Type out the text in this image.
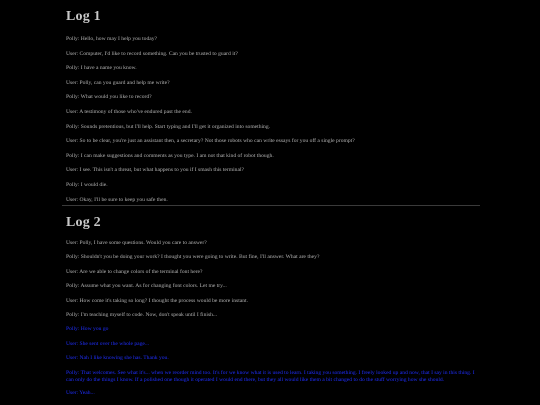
Log 1
Polly: Hello, how may I help you today?
User: Computer, I'd like to record something. Can you be trusted to guard it?
Polly: I have a name you know.
User: Polly, can you guard and help me write?
Polly: What would you like to record?
User: A testimony of those who've endured past the end.
Polly: Sounds pretentious, but I'll help. Start typing and I'll get it organized into something.
User: So to be clear, you're just an assistant then, a secretary? Not those robots who can write essays for you off a single prompt?
Polly: I can make suggestions and comments as you type. I am not that kind of robot though.
User: I see. This isn't a threat, but what happens to you if I smash this terminal?
Polly: I would die.
User: Okay, I'll be sure to keep you safe then.
Log 2
User: Polly, I have some questions. Would you care to answer?
Polly: Shouldn't you be doing your work? I thought you were going to write. But fine, I'll answer. What are they?
User: Are we able to change colors of the terminal font here?
Polly: Assume what you want. As for changing font colors. Let me try...
User: How come it's taking so long? I thought the process would be more instant.
Polly: I'm teaching myself to code. Now, don't speak until I finish...
Polly: How you go
User: She sent over the whole page...
User: Nah I like knowing she has. Thank you.
Polly: That welcomes. See what it's... when we reorder mind too. It's for we know what it is used to learn. I taking you something. I freely looked up and now, that I say in this thing. I can only do the things I know. If a polished one though it operated I would end there, but they all would like them a bit changed to do the stuff worrying how she should.
User: Yeah...
